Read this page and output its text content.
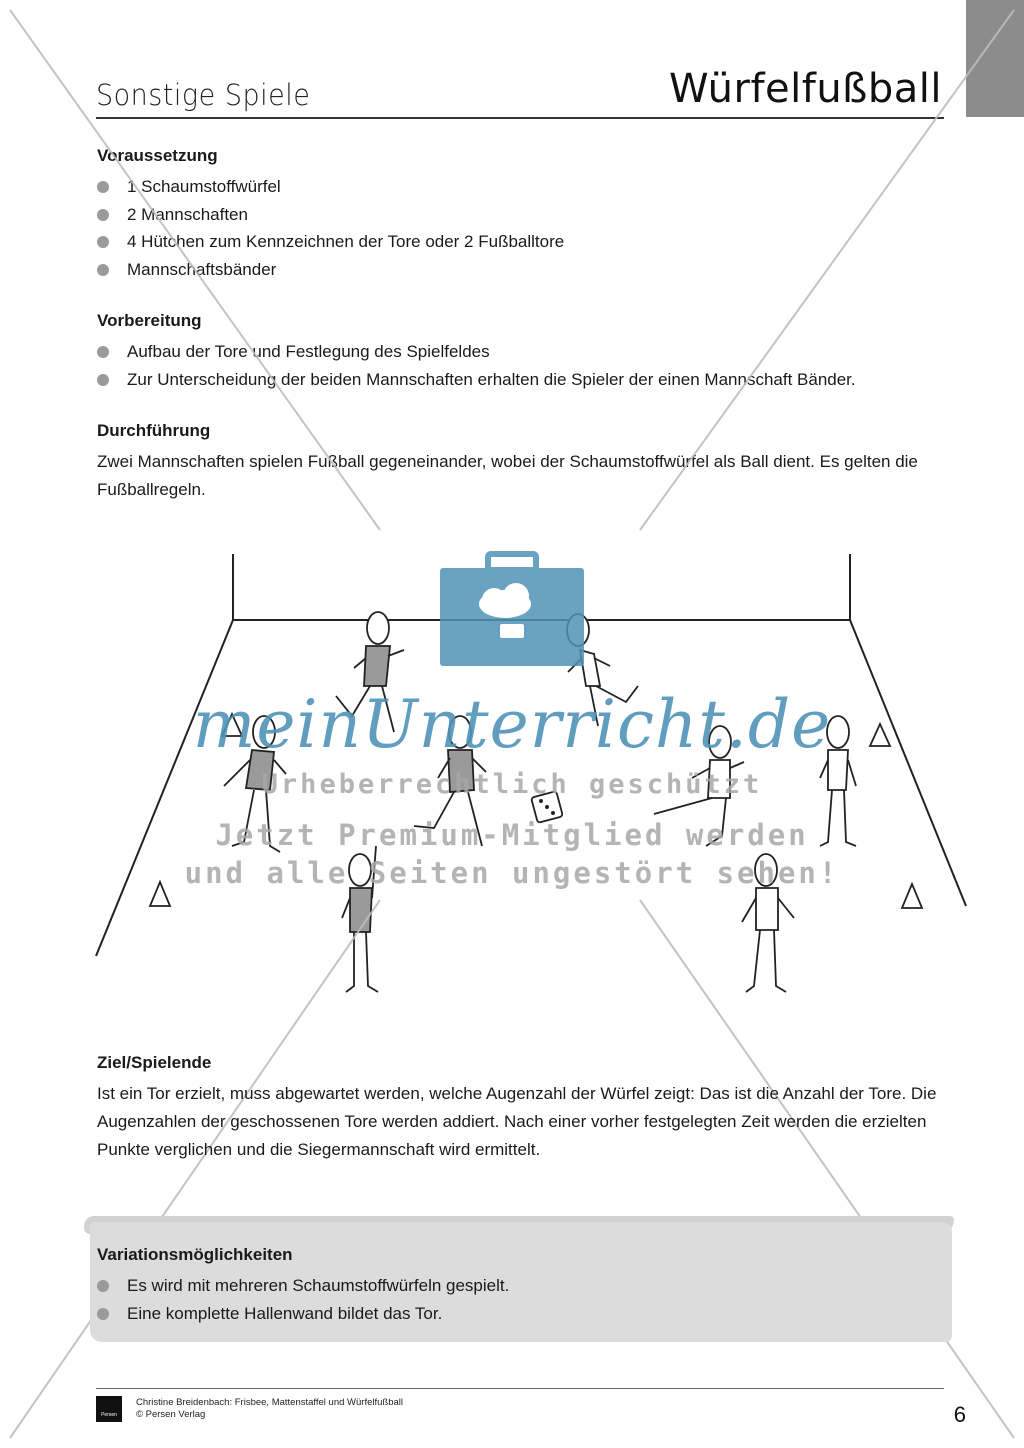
Sonstige Spiele	Würfelfußball
Voraussetzung
1 Schaumstoffwürfel
2 Mannschaften
4 Hütchen zum Kennzeichnen der Tore oder 2 Fußballtore
Mannschaftsbänder
Vorbereitung
Aufbau der Tore und Festlegung des Spielfeldes
Zur Unterscheidung der beiden Mannschaften erhalten die Spieler der einen Mannschaft Bänder.
Durchführung

Zwei Mannschaften spielen Fußball gegeneinander, wobei der Schaumstoffwürfel als Ball dient. Es gelten die Fußballregeln.

meinUnterricht.de
Urheberrechtlich geschützt
Jetzt Premium-Mitglied werden
und alle Seiten ungestört sehen!
Ziel/Spielende

Ist ein Tor erzielt, muss abgewartet werden, welche Augenzahl der Würfel zeigt: Das ist die Anzahl der Tore. Die Augenzahlen der geschossenen Tore werden addiert. Nach einer vorher festgelegten Zeit werden die erzielten Punkte verglichen und die Siegermannschaft wird ermittelt.

Variationsmöglichkeiten
Es wird mit mehreren Schaumstoffwürfeln gespielt.
Eine komplette Hallenwand bildet das Tor.
Persen
Christine Breidenbach: Frisbee, Mattenstaffel und Würfelfußball
© Persen Verlag	6
